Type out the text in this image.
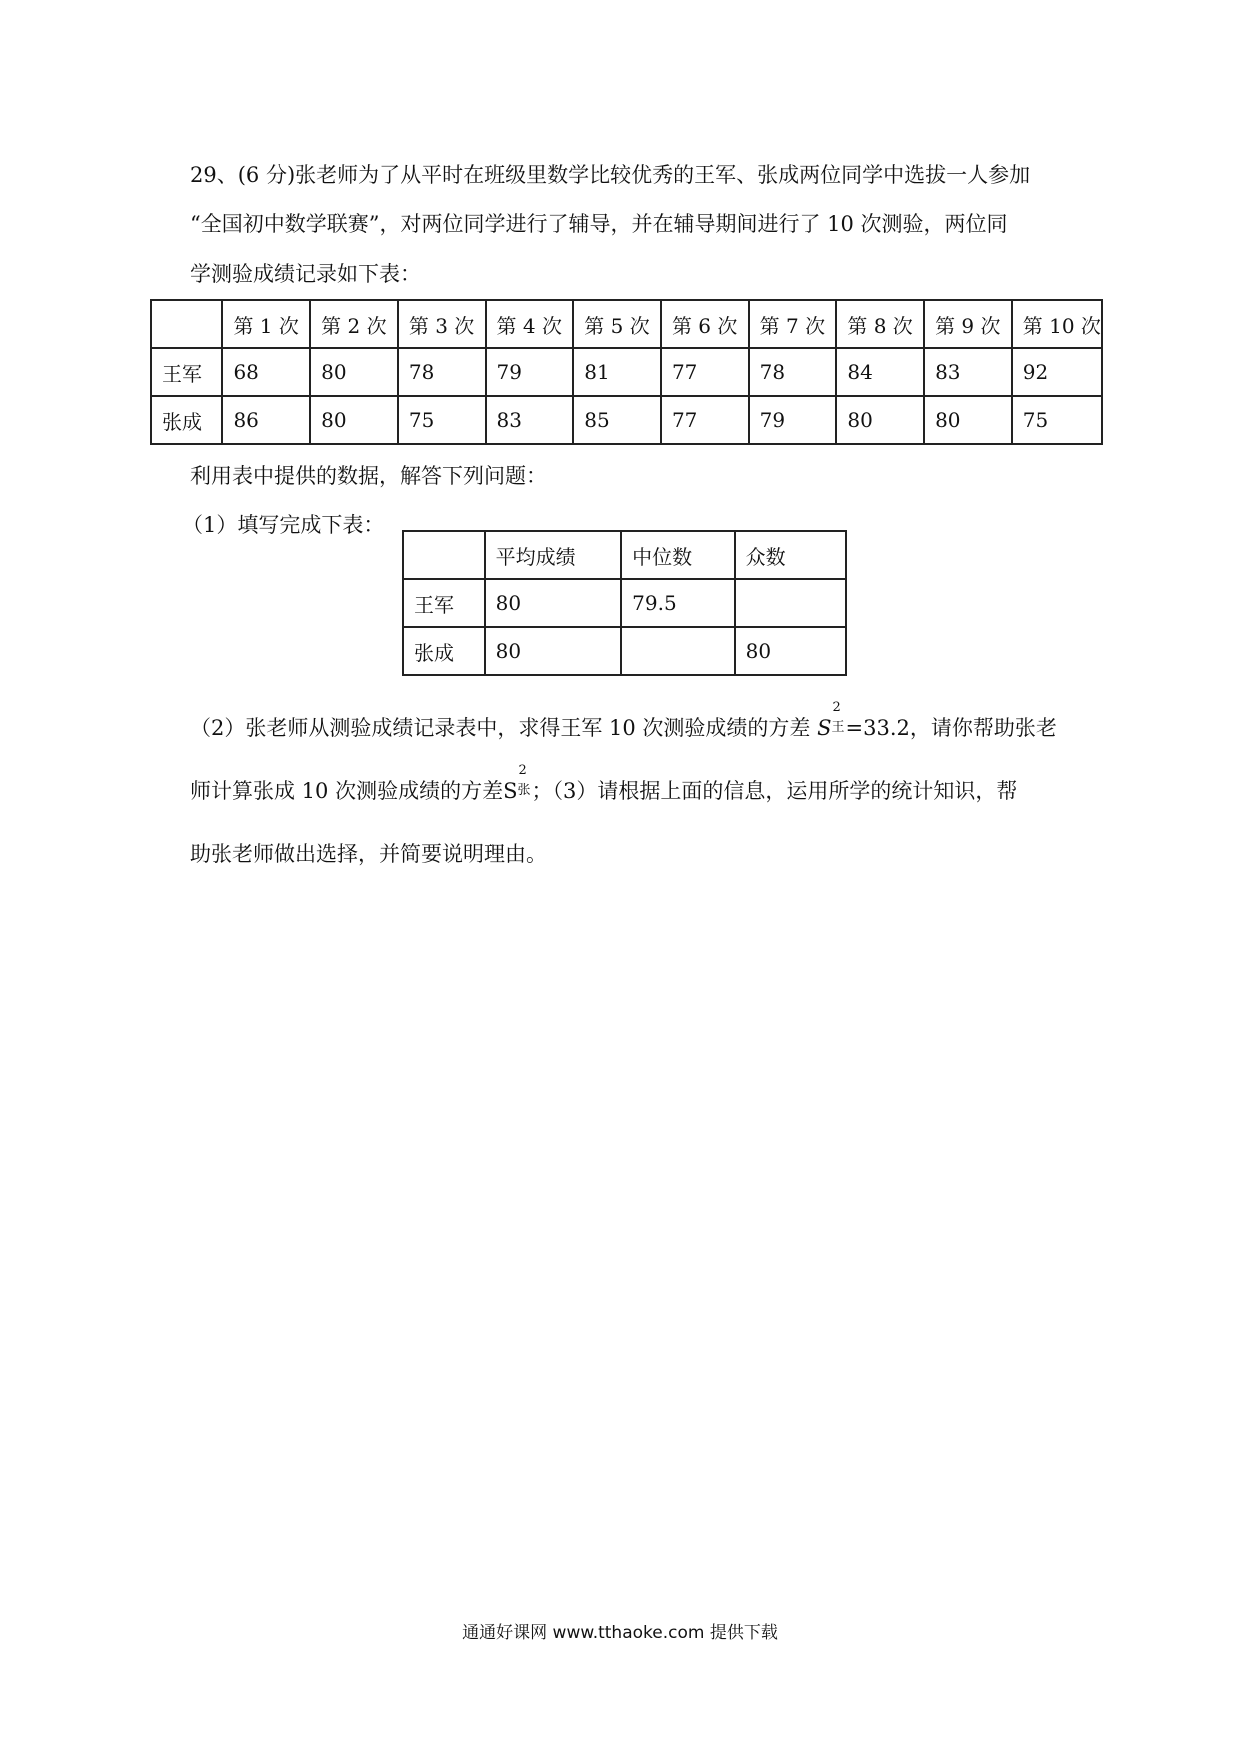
29、(6 分)张老师为了从平时在班级里数学比较优秀的王军、张成两位同学中选拔一人参加
“全国初中数学联赛”，对两位同学进行了辅导，并在辅导期间进行了 10 次测验，两位同
学测验成绩记录如下表：
	第 1 次	第 2 次	第 3 次	第 4 次	第 5 次	第 6 次	第 7 次	第 8 次	第 9 次	第 10 次
王军	68	80	78	79	81	77	78	84	83	92
张成	86	80	75	83	85	77	79	80	80	75
利用表中提供的数据，解答下列问题：
（1）填写完成下表：
	平均成绩	中位数	众数
王军	80	79.5	
张成	80		80
（2）张老师从测验成绩记录表中，求得王军 10 次测验成绩的方差 S
2
王 =33.2，请你帮助张老
师计算张成 10 次测验成绩的方差S
2
张 ；（3）请根据上面的信息，运用所学的统计知识，帮
助张老师做出选择，并简要说明理由。
通通好课网 www.tthaoke.com 提供下载
